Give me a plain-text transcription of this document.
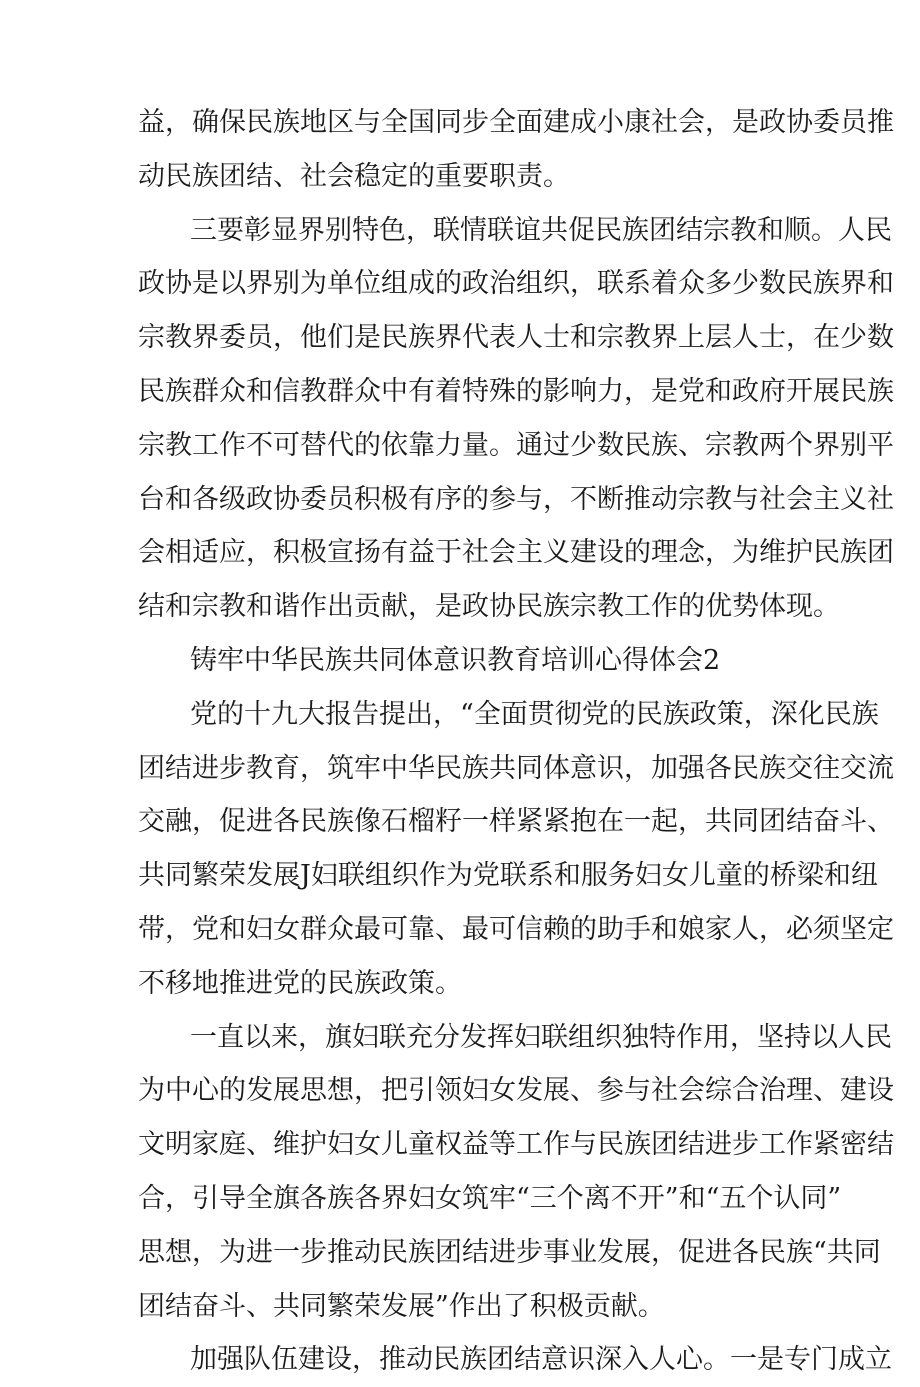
益，确保民族地区与全国同步全面建成小康社会，是政协委员推
动民族团结、社会稳定的重要职责。
三要彰显界别特色，联情联谊共促民族团结宗教和顺。人民
政协是以界别为单位组成的政治组织，联系着众多少数民族界和
宗教界委员，他们是民族界代表人士和宗教界上层人士，在少数
民族群众和信教群众中有着特殊的影响力，是党和政府开展民族
宗教工作不可替代的依靠力量。通过少数民族、宗教两个界别平
台和各级政协委员积极有序的参与，不断推动宗教与社会主义社
会相适应，积极宣扬有益于社会主义建设的理念，为维护民族团
结和宗教和谐作出贡献，是政协民族宗教工作的优势体现。
铸牢中华民族共同体意识教育培训心得体会2
党的十九大报告提出，“全面贯彻党的民族政策，深化民族
团结进步教育，筑牢中华民族共同体意识，加强各民族交往交流
交融，促进各民族像石榴籽一样紧紧抱在一起，共同团结奋斗、
共同繁荣发展J妇联组织作为党联系和服务妇女儿童的桥梁和纽
带，党和妇女群众最可靠、最可信赖的助手和娘家人，必须坚定
不移地推进党的民族政策。
一直以来，旗妇联充分发挥妇联组织独特作用，坚持以人民
为中心的发展思想，把引领妇女发展、参与社会综合治理、建设
文明家庭、维护妇女儿童权益等工作与民族团结进步工作紧密结
合，引导全旗各族各界妇女筑牢“三个离不开”和“五个认同”
思想，为进一步推动民族团结进步事业发展，促进各民族“共同
团结奋斗、共同繁荣发展”作出了积极贡献。
加强队伍建设，推动民族团结意识深入人心。一是专门成立
